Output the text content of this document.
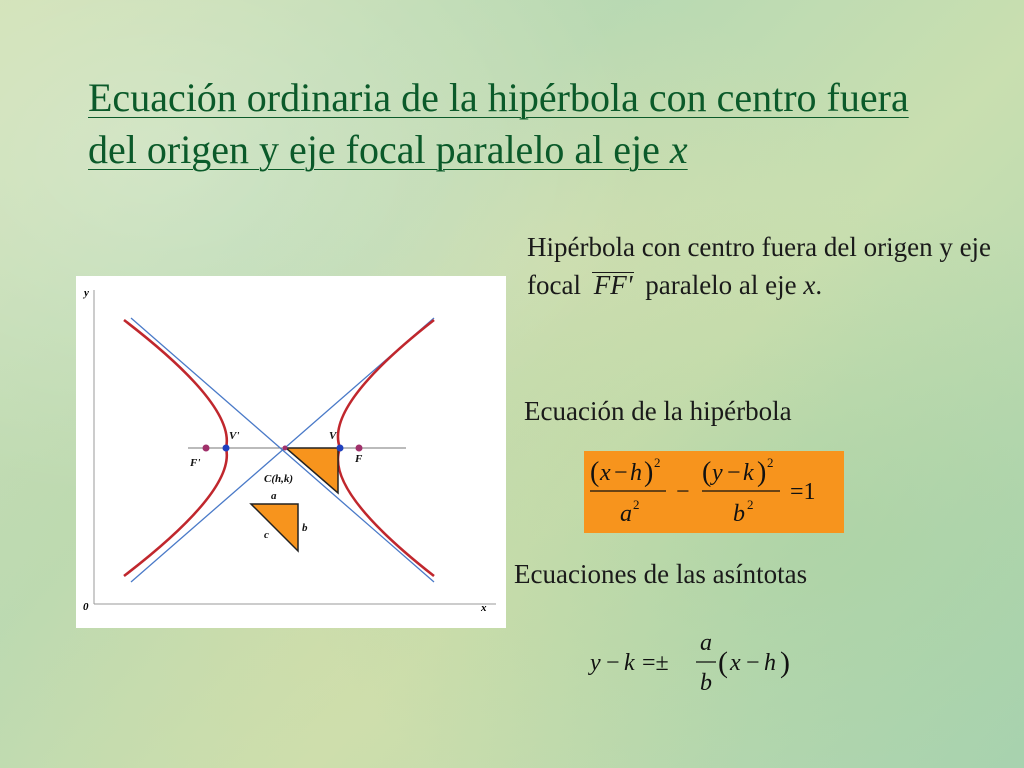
Ecuación ordinaria de la hipérbola con centro fuera del origen y eje focal paralelo al eje x
y
x
0
V'	V
F'	F
C(h,k)
a
b
c
Hipérbola con centro fuera del origen y eje focal FF' paralelo al eje x.
Ecuación de la hipérbola
( x − h ) 2
a 2 −
( y − k ) 2
b 2 =1
Ecuaciones de las asíntotas
y − k =±
a
b
( x − h )
